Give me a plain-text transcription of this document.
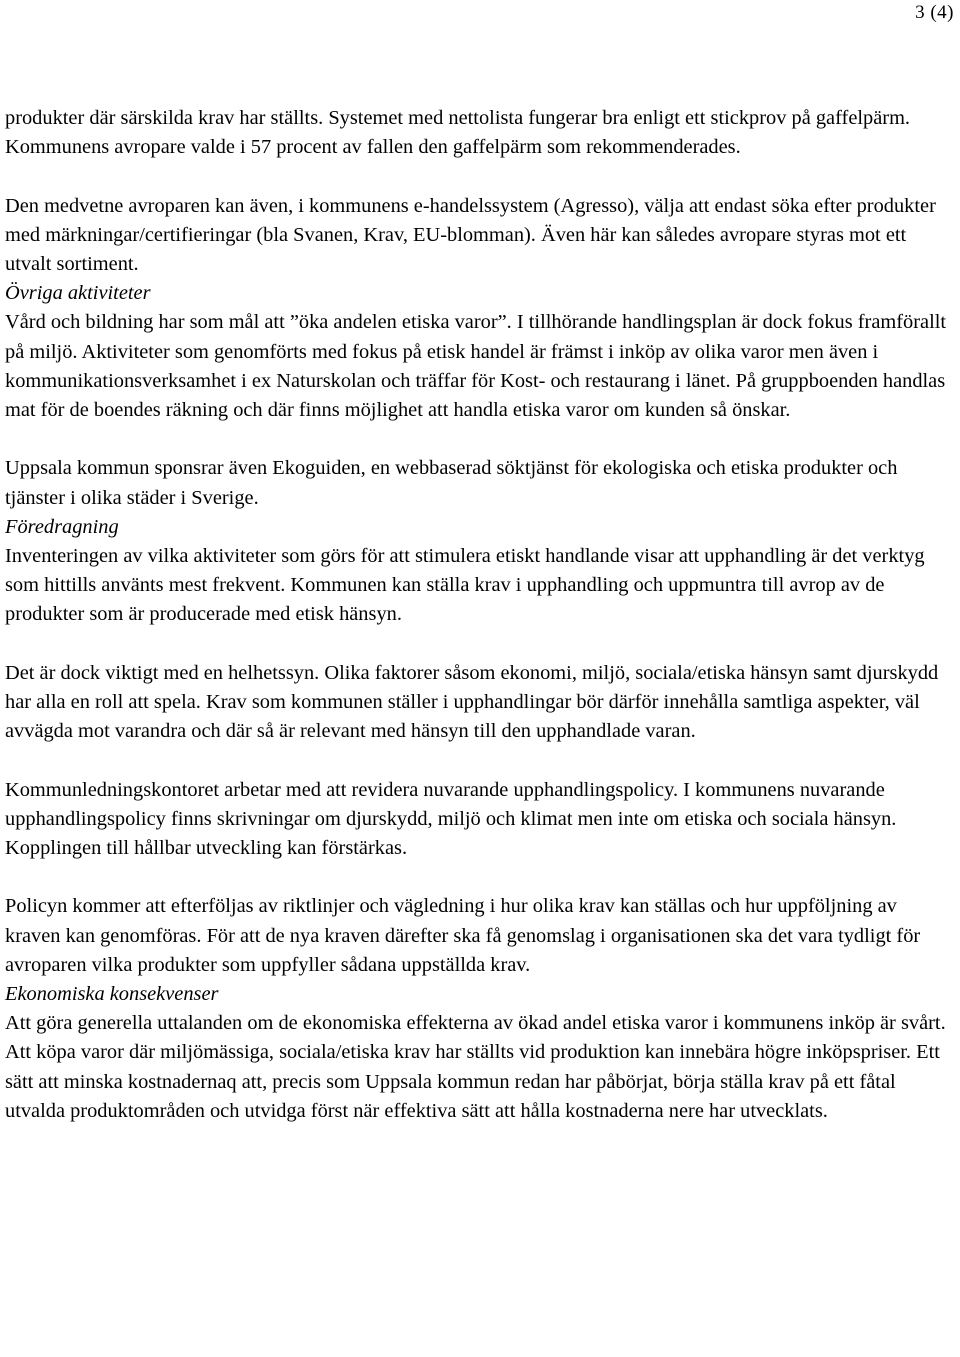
3 (4)

produkter där särskilda krav har ställts. Systemet med nettolista fungerar bra enligt ett stickprov på gaffelpärm. Kommunens avropare valde i 57 procent av fallen den gaffelpärm som rekommenderades.

Den medvetne avroparen kan även, i kommunens e-handelssystem (Agresso), välja att endast söka efter produkter med märkningar/certifieringar (bla Svanen, Krav, EU-blomman). Även här kan således avropare styras mot ett utvalt sortiment.

Övriga aktiviteter

Vård och bildning har som mål att ”öka andelen etiska varor”. I tillhörande handlingsplan är dock fokus framförallt på miljö. Aktiviteter som genomförts med fokus på etisk handel är främst i inköp av olika varor men även i kommunikationsverksamhet i ex Naturskolan och träffar för Kost- och restaurang i länet. På gruppboenden handlas mat för de boendes räkning och där finns möjlighet att handla etiska varor om kunden så önskar.

Uppsala kommun sponsrar även Ekoguiden, en webbaserad söktjänst för ekologiska och etiska produkter och tjänster i olika städer i Sverige.

Föredragning

Inventeringen av vilka aktiviteter som görs för att stimulera etiskt handlande visar att upphandling är det verktyg som hittills använts mest frekvent. Kommunen kan ställa krav i upphandling och uppmuntra till avrop av de produkter som är producerade med etisk hänsyn.

Det är dock viktigt med en helhetssyn. Olika faktorer såsom ekonomi, miljö, sociala/etiska hänsyn samt djurskydd har alla en roll att spela. Krav som kommunen ställer i upphandlingar bör därför innehålla samtliga aspekter, väl avvägda mot varandra och där så är relevant med hänsyn till den upphandlade varan.

Kommunledningskontoret arbetar med att revidera nuvarande upphandlingspolicy. I kommunens nuvarande upphandlingspolicy finns skrivningar om djurskydd, miljö och klimat men inte om etiska och sociala hänsyn. Kopplingen till hållbar utveckling kan förstärkas.

Policyn kommer att efterföljas av riktlinjer och vägledning i hur olika krav kan ställas och hur uppföljning av kraven kan genomföras. För att de nya kraven därefter ska få genomslag i organisationen ska det vara tydligt för avroparen vilka produkter som uppfyller sådana uppställda krav.

Ekonomiska konsekvenser

Att göra generella uttalanden om de ekonomiska effekterna av ökad andel etiska varor i kommunens inköp är svårt. Att köpa varor där miljömässiga, sociala/etiska krav har ställts vid produktion kan innebära högre inköpspriser. Ett sätt att minska kostnadernaq att, precis som Uppsala kommun redan har påbörjat, börja ställa krav på ett fåtal utvalda produktområden och utvidga först när effektiva sätt att hålla kostnaderna nere har utvecklats.
